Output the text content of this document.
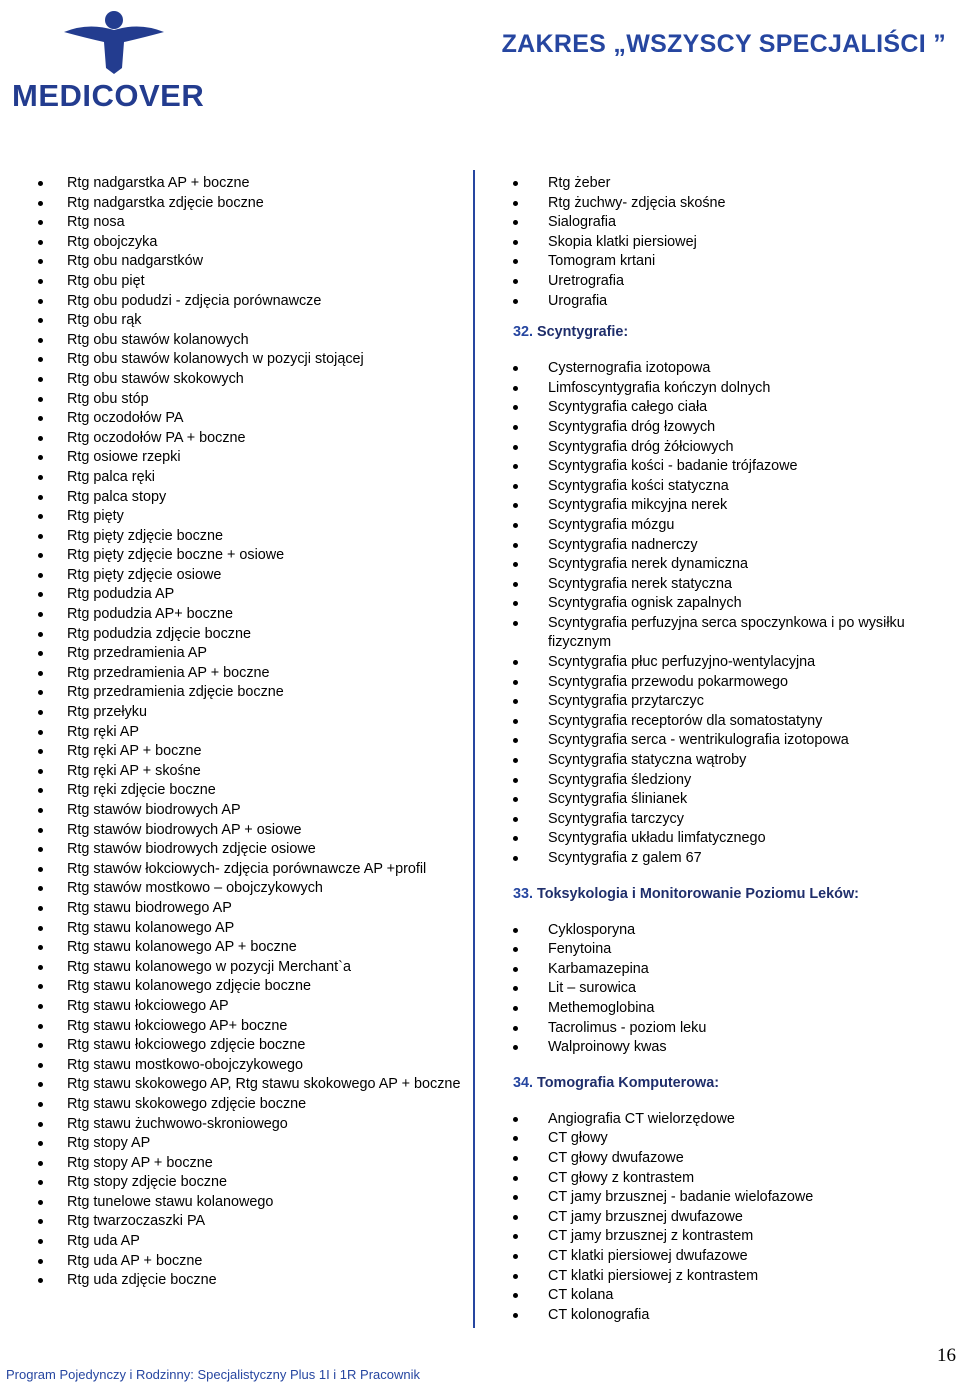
MEDICOVER
ZAKRES „WSZYSCY SPECJALIŚCI ”
Rtg nadgarstka AP + boczne
Rtg nadgarstka zdjęcie boczne
Rtg nosa
Rtg obojczyka
Rtg obu nadgarstków
Rtg obu pięt
Rtg obu podudzi - zdjęcia porównawcze
Rtg obu rąk
Rtg obu stawów kolanowych
Rtg obu stawów kolanowych w pozycji stojącej
Rtg obu stawów skokowych
Rtg obu stóp
Rtg oczodołów PA
Rtg oczodołów PA + boczne
Rtg osiowe rzepki
Rtg palca ręki
Rtg palca stopy
Rtg pięty
Rtg pięty zdjęcie boczne
Rtg pięty zdjęcie boczne + osiowe
Rtg pięty zdjęcie osiowe
Rtg podudzia AP
Rtg podudzia AP+ boczne
Rtg podudzia zdjęcie boczne
Rtg przedramienia AP
Rtg przedramienia AP + boczne
Rtg przedramienia zdjęcie boczne
Rtg przełyku
Rtg ręki AP
Rtg ręki AP + boczne
Rtg ręki AP + skośne
Rtg ręki zdjęcie boczne
Rtg stawów biodrowych AP
Rtg stawów biodrowych AP + osiowe
Rtg stawów biodrowych zdjęcie osiowe
Rtg stawów łokciowych- zdjęcia porównawcze AP +profil
Rtg stawów mostkowo – obojczykowych
Rtg stawu biodrowego AP
Rtg stawu kolanowego AP
Rtg stawu kolanowego AP + boczne
Rtg stawu kolanowego w pozycji Merchant`a
Rtg stawu kolanowego zdjęcie boczne
Rtg stawu łokciowego AP
Rtg stawu łokciowego AP+ boczne
Rtg stawu łokciowego zdjęcie boczne
Rtg stawu mostkowo-obojczykowego
Rtg stawu skokowego AP, Rtg stawu skokowego AP + boczne
Rtg stawu skokowego zdjęcie boczne
Rtg stawu żuchwowo-skroniowego
Rtg stopy AP
Rtg stopy AP + boczne
Rtg stopy zdjęcie boczne
Rtg tunelowe stawu kolanowego
Rtg twarzoczaszki PA
Rtg uda AP
Rtg uda AP + boczne
Rtg uda zdjęcie boczne
Rtg żeber
Rtg żuchwy- zdjęcia skośne
Sialografia
Skopia klatki piersiowej
Tomogram krtani
Uretrografia
Urografia
32. Scyntygrafie:
Cysternografia izotopowa
Limfoscyntygrafia kończyn dolnych
Scyntygrafia całego ciała
Scyntygrafia dróg łzowych
Scyntygrafia dróg żółciowych
Scyntygrafia kości - badanie trójfazowe
Scyntygrafia kości statyczna
Scyntygrafia mikcyjna nerek
Scyntygrafia mózgu
Scyntygrafia nadnerczy
Scyntygrafia nerek dynamiczna
Scyntygrafia nerek statyczna
Scyntygrafia ognisk zapalnych
Scyntygrafia perfuzyjna serca spoczynkowa i po wysiłku fizycznym
Scyntygrafia płuc perfuzyjno-wentylacyjna
Scyntygrafia przewodu pokarmowego
Scyntygrafia przytarczyc
Scyntygrafia receptorów dla somatostatyny
Scyntygrafia serca - wentrikulografia izotopowa
Scyntygrafia statyczna wątroby
Scyntygrafia śledziony
Scyntygrafia ślinianek
Scyntygrafia tarczycy
Scyntygrafia układu limfatycznego
Scyntygrafia z galem 67
33. Toksykologia i Monitorowanie Poziomu Leków:
Cyklosporyna
Fenytoina
Karbamazepina
Lit – surowica
Methemoglobina
Tacrolimus - poziom leku
Walproinowy kwas
34. Tomografia Komputerowa:
Angiografia CT wielorzędowe
CT głowy
CT głowy dwufazowe
CT głowy z kontrastem
CT jamy brzusznej - badanie wielofazowe
CT jamy brzusznej dwufazowe
CT jamy brzusznej z kontrastem
CT klatki piersiowej dwufazowe
CT klatki piersiowej z kontrastem
CT kolana
CT kolonografia
Program Pojedynczy i Rodzinny: Specjalistyczny Plus 1I i 1R Pracownik
16
